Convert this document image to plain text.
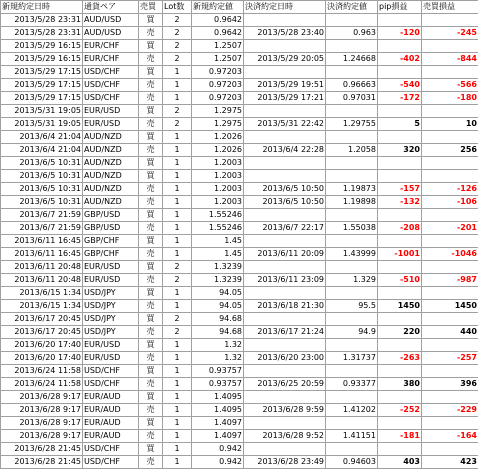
新規約定日時	通貨ペア	売買	Lot数	新規約定値	決済約定日時	決済約定値	pip損益	売買損益
2013/5/28 23:31	AUD/USD	買	2	0.9642				
2013/5/28 23:31	AUD/USD	売	2	0.9642	2013/5/28 23:40	0.963	-120	-245
2013/5/29 16:15	EUR/CHF	買	2	1.2507				
2013/5/29 16:15	EUR/CHF	売	2	1.2507	2013/5/29 20:05	1.24668	-402	-844
2013/5/29 17:15	USD/CHF	買	1	0.97203				
2013/5/29 17:15	USD/CHF	売	1	0.97203	2013/5/29 19:51	0.96663	-540	-566
2013/5/29 17:15	USD/CHF	売	1	0.97203	2013/5/29 17:21	0.97031	-172	-180
2013/5/31 19:05	EUR/USD	買	2	1.2975				
2013/5/31 19:05	EUR/USD	売	2	1.2975	2013/5/31 22:42	1.29755	5	10
2013/6/4 21:04	AUD/NZD	買	1	1.2026				
2013/6/4 21:04	AUD/NZD	売	1	1.2026	2013/6/4 22:28	1.2058	320	256
2013/6/5 10:31	AUD/NZD	買	1	1.2003				
2013/6/5 10:31	AUD/NZD	買	1	1.2003				
2013/6/5 10:31	AUD/NZD	売	1	1.2003	2013/6/5 10:50	1.19873	-157	-126
2013/6/5 10:31	AUD/NZD	売	1	1.2003	2013/6/5 10:50	1.19898	-132	-106
2013/6/7 21:59	GBP/USD	買	1	1.55246				
2013/6/7 21:59	GBP/USD	売	1	1.55246	2013/6/7 22:17	1.55038	-208	-201
2013/6/11 16:45	GBP/CHF	買	1	1.45				
2013/6/11 16:45	GBP/CHF	売	1	1.45	2013/6/11 20:09	1.43999	-1001	-1046
2013/6/11 20:48	EUR/USD	買	2	1.3239				
2013/6/11 20:48	EUR/USD	売	2	1.3239	2013/6/11 23:09	1.329	-510	-987
2013/6/15 1:34	USD/JPY	買	1	94.05				
2013/6/15 1:34	USD/JPY	売	1	94.05	2013/6/18 21:30	95.5	1450	1450
2013/6/17 20:45	USD/JPY	買	2	94.68				
2013/6/17 20:45	USD/JPY	売	2	94.68	2013/6/17 21:24	94.9	220	440
2013/6/20 17:40	EUR/USD	買	1	1.32				
2013/6/20 17:40	EUR/USD	売	1	1.32	2013/6/20 23:00	1.31737	-263	-257
2013/6/24 11:58	USD/CHF	買	1	0.93757				
2013/6/24 11:58	USD/CHF	売	1	0.93757	2013/6/25 20:59	0.93377	380	396
2013/6/28 9:17	EUR/AUD	買	1	1.4095				
2013/6/28 9:17	EUR/AUD	売	1	1.4095	2013/6/28 9:59	1.41202	-252	-229
2013/6/28 9:17	EUR/AUD	買	1	1.4097				
2013/6/28 9:17	EUR/AUD	売	1	1.4097	2013/6/28 9:52	1.41151	-181	-164
2013/6/28 21:45	USD/CHF	買	1	0.942				
2013/6/28 21:45	USD/CHF	売	1	0.942	2013/6/28 23:49	0.94603	403	423
